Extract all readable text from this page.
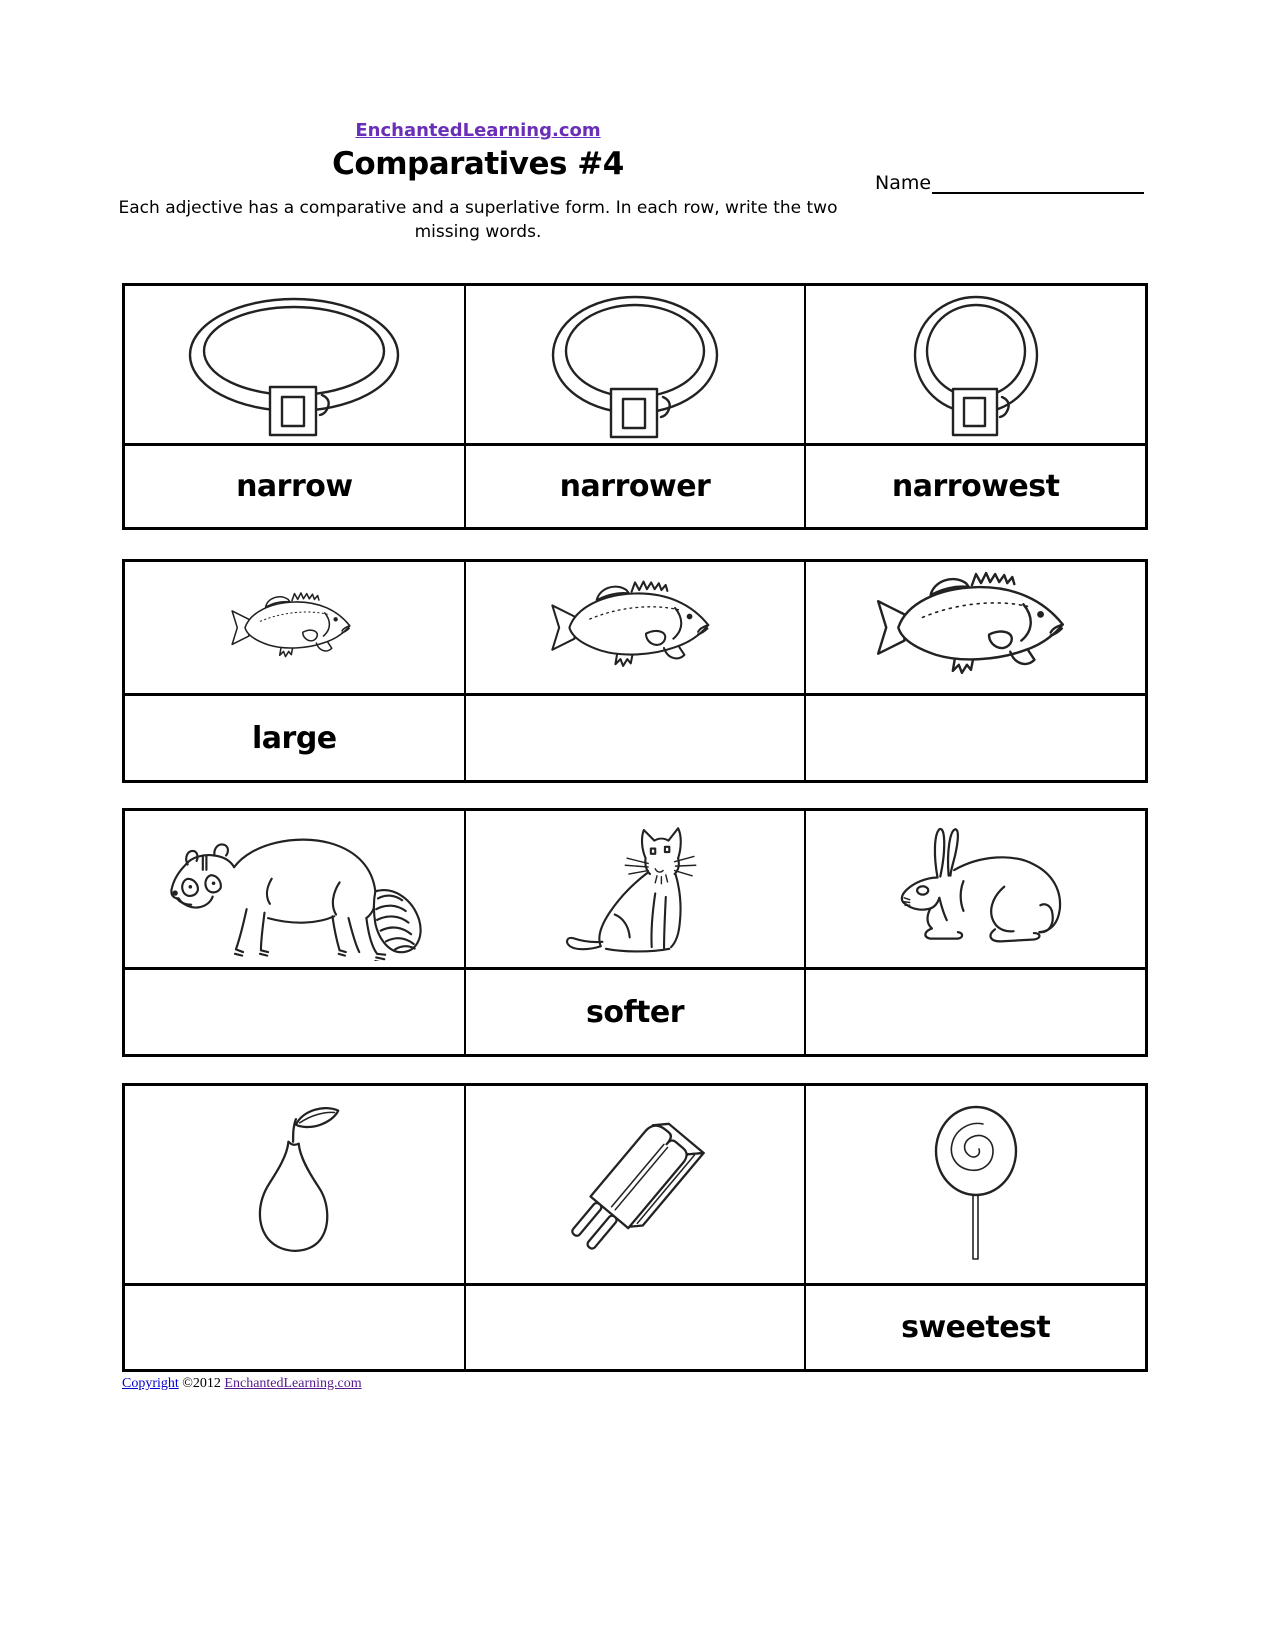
EnchantedLearning.com
Comparatives #4
Name
Each adjective has a comparative and a superlative form. In each row, write the two
missing words.
narrow	narrower	narrowest
large
softer
sweetest
Copyright ©2012 EnchantedLearning.com
